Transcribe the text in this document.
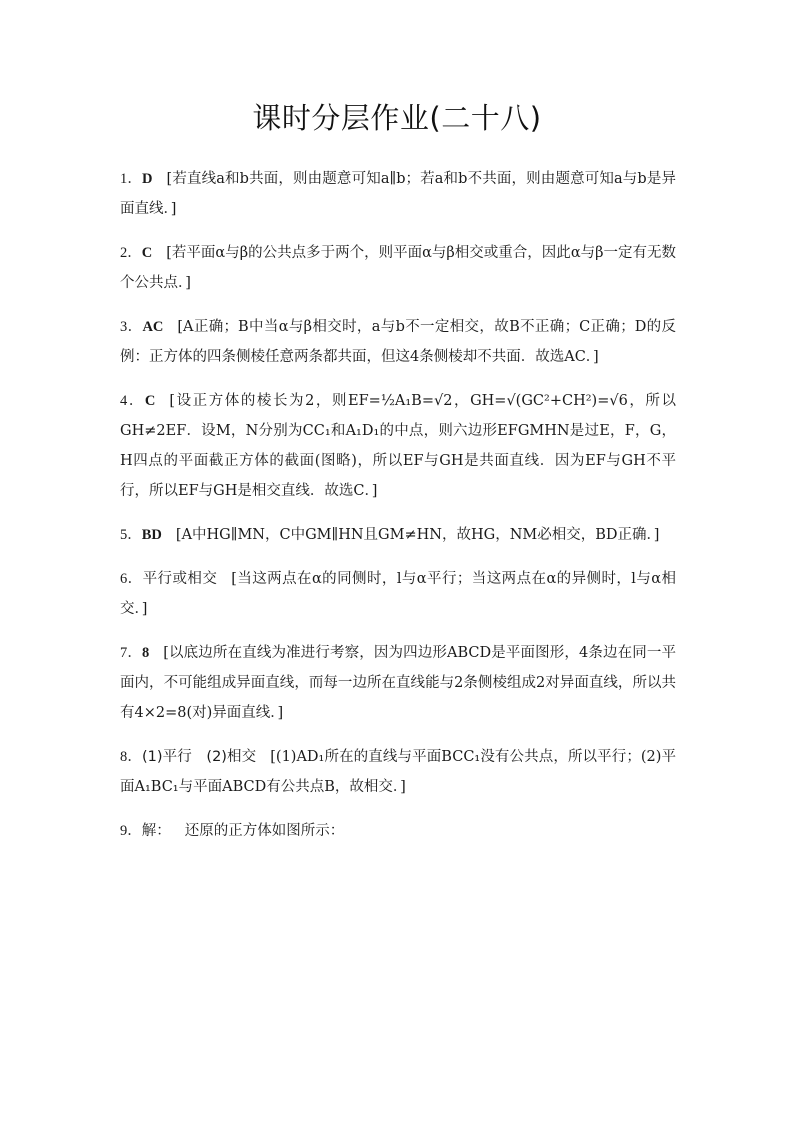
课时分层作业(二十八)
1．D [若直线a和b共面，则由题意可知a∥b；若a和b不共面，则由题意可知a与b是异面直线．]
2．C [若平面α与β的公共点多于两个，则平面α与β相交或重合，因此α与β一定有无数个公共点．]
3．AC [A正确；B中当α与β相交时，a与b不一定相交，故B不正确；C正确；D的反例：正方体的四条侧棱任意两条都共面，但这4条侧棱却不共面．故选AC．]
4．C [设正方体的棱长为2，则EF=½A₁B=√2，GH=√(GC²+CH²)=√6，所以GH≠2EF．设M，N分别为CC₁和A₁D₁的中点，则六边形EFGMHN是过E，F，G，H四点的平面截正方体的截面(图略)，所以EF与GH是共面直线．因为EF与GH不平行，所以EF与GH是相交直线．故选C．]
5．BD [A中HG∥MN，C中GM∥HN且GM≠HN，故HG，NM必相交，BD正确．]
6．平行或相交 [当这两点在α的同侧时，l与α平行；当这两点在α的异侧时，l与α相交．]
7．8 [以底边所在直线为准进行考察，因为四边形ABCD是平面图形，4条边在同一平面内，不可能组成异面直线，而每一边所在直线能与2条侧棱组成2对异面直线，所以共有4×2=8(对)异面直线．]
8．(1)平行　(2)相交 [(1)AD₁所在的直线与平面BCC₁没有公共点，所以平行；(2)平面A₁BC₁与平面ABCD有公共点B，故相交．]
9．解： 还原的正方体如图所示：
